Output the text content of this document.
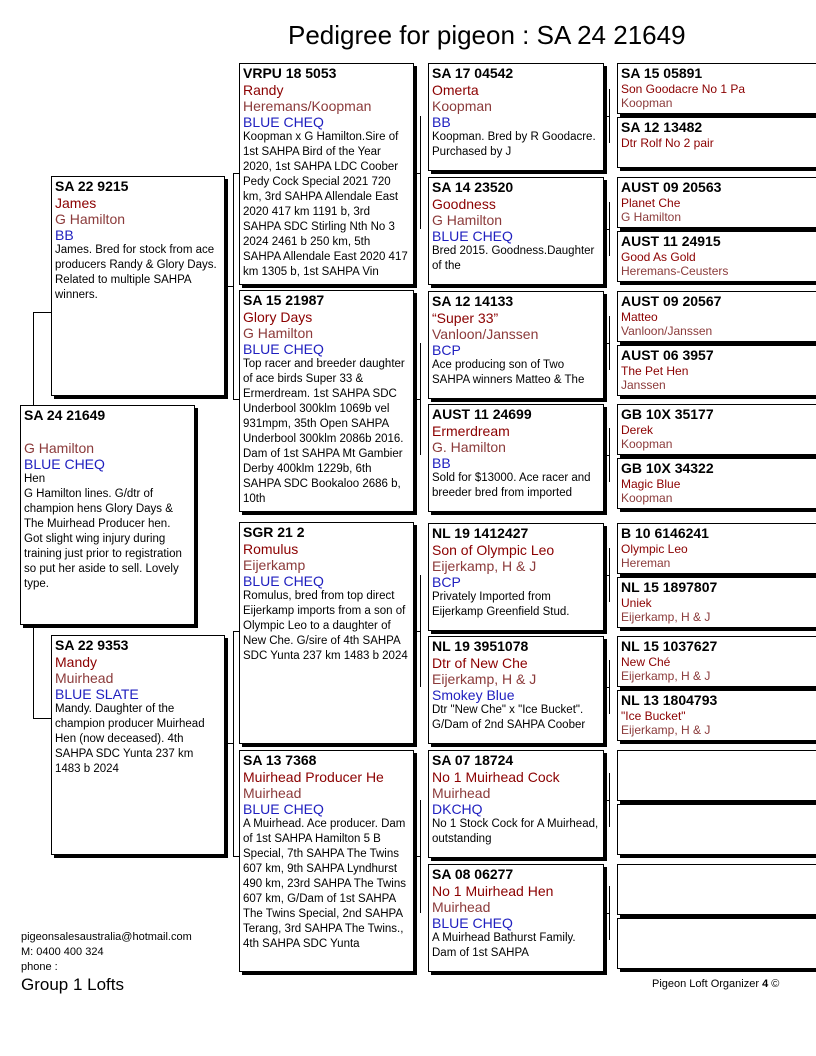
Pedigree for pigeon : SA 24 21649
SA 24 21649
G Hamilton
BLUE CHEQ
Hen
G Hamilton lines. G/dtr of champion hens Glory Days & The Muirhead Producer hen. Got slight wing injury during training just prior to registration so put her aside to sell. Lovely type.
SA 22 9215
James
G Hamilton
BB
James. Bred for stock from ace producers Randy & Glory Days. Related to multiple SAHPA winners.
SA 22 9353
Mandy
Muirhead
BLUE SLATE
Mandy. Daughter of the champion producer Muirhead Hen (now deceased). 4th SAHPA SDC Yunta 237 km 1483 b 2024
VRPU 18 5053
Randy
Heremans/Koopman
BLUE CHEQ
Koopman x G Hamilton.Sire of 1st SAHPA Bird of the Year 2020, 1st SAHPA LDC Coober Pedy Cock Special 2021 720 km, 3rd SAHPA Allendale East 2020 417 km 1191 b, 3rd SAHPA SDC Stirling Nth No 3 2024 2461 b 250 km, 5th SAHPA Allendale East 2020 417 km 1305 b, 1st SAHPA Vin
SA 15 21987
Glory Days
G Hamilton
BLUE CHEQ
Top racer and breeder daughter of ace birds Super 33 & Ermerdream. 1st SAHPA SDC Underbool 300klm 1069b vel 931mpm, 35th Open SAHPA Underbool 300klm 2086b 2016. Dam of 1st SAHPA Mt Gambier Derby 400klm 1229b, 6th SAHPA SDC Bookaloo 2686 b, 10th
SGR 21 2
Romulus
Eijerkamp
BLUE CHEQ
Romulus, bred from top direct Eijerkamp imports from a son of Olympic Leo to a daughter of New Che. G/sire of 4th SAHPA SDC Yunta 237 km 1483 b 2024
SA 13 7368
Muirhead Producer He
Muirhead
BLUE CHEQ
A Muirhead. Ace producer. Dam of 1st SAHPA Hamilton 5 B Special, 7th SAHPA The Twins 607 km, 9th SAHPA Lyndhurst 490 km, 23rd SAHPA The Twins 607 km, G/Dam of 1st SAHPA The Twins Special, 2nd SAHPA Terang, 3rd SAHPA The Twins., 4th SAHPA SDC Yunta
SA 17 04542
Omerta
Koopman
BB
Koopman. Bred by R Goodacre. Purchased by J
SA 14 23520
Goodness
G Hamilton
BLUE CHEQ
Bred 2015. Goodness.Daughter of the
SA 12 14133
“Super 33”
Vanloon/Janssen
BCP
Ace producing son of Two SAHPA winners Matteo & The
AUST 11 24699
Ermerdream
G. Hamilton
BB
Sold for $13000. Ace racer and breeder bred from imported
NL 19 1412427
Son of Olympic Leo
Eijerkamp, H & J
BCP
Privately Imported from Eijerkamp Greenfield Stud.
NL 19 3951078
Dtr of New Che
Eijerkamp, H & J
Smokey Blue
Dtr "New Che" x "Ice Bucket". G/Dam of 2nd SAHPA Coober
SA 07 18724
No 1 Muirhead Cock
Muirhead
DKCHQ
No 1 Stock Cock for A Muirhead, outstanding
SA 08 06277
No 1 Muirhead Hen
Muirhead
BLUE CHEQ
A Muirhead Bathurst Family. Dam of 1st SAHPA
SA 15 05891
Son Goodacre No 1 Pa
Koopman
SA 12 13482
Dtr Rolf No 2 pair
AUST 09 20563
Planet Che
G Hamilton
AUST 11 24915
Good As Gold
Heremans-Ceusters
AUST 09 20567
Matteo
Vanloon/Janssen
AUST 06 3957
The Pet Hen
Janssen
GB 10X 35177
Derek
Koopman
GB 10X 34322
Magic Blue
Koopman
B 10 6146241
Olympic Leo
Hereman
NL 15 1897807
Uniek
Eijerkamp, H & J
NL 15 1037627
New Ché
Eijerkamp, H & J
NL 13 1804793
"Ice Bucket"
Eijerkamp, H & J
pigeonsalesaustralia@hotmail.com
M: 0400 400 324
phone :
Group 1 Lofts	Pigeon Loft Organizer 4 ©
